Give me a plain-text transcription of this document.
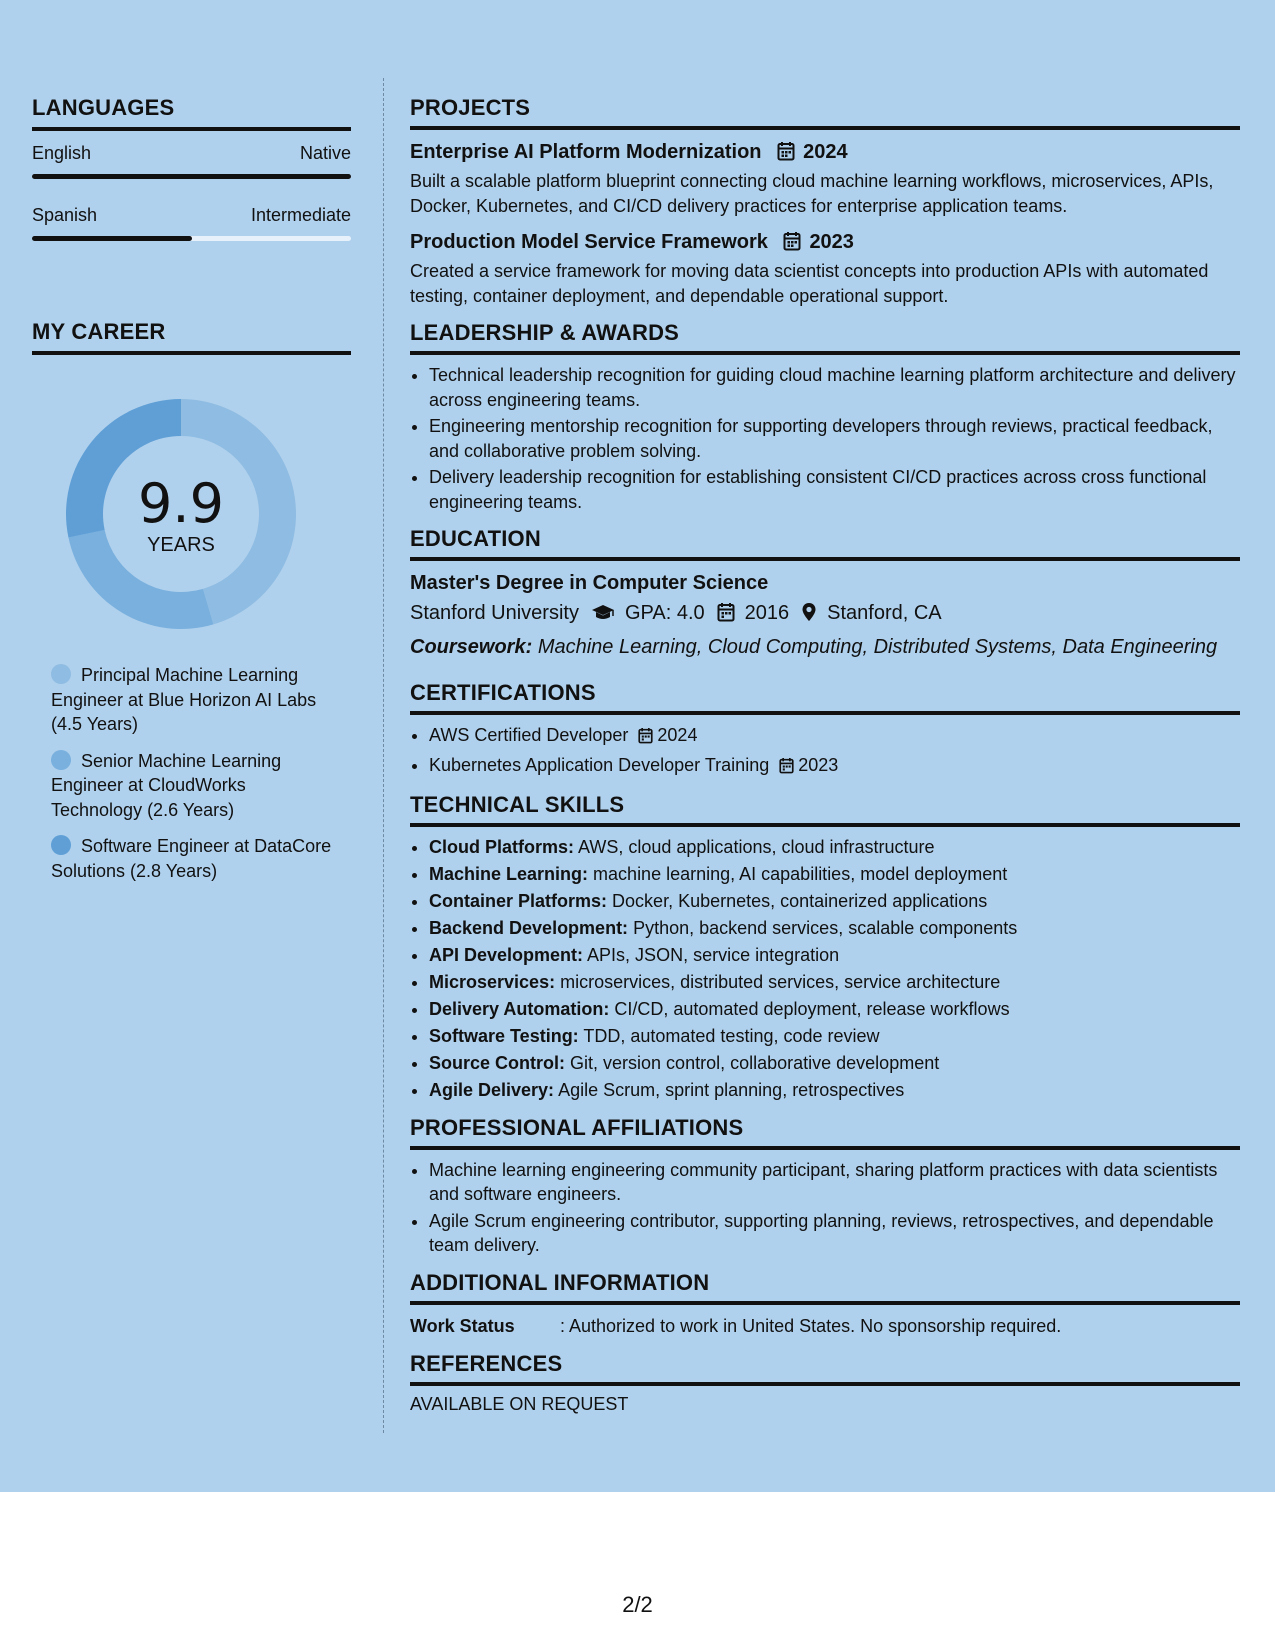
LANGUAGES
English	Native
Spanish	Intermediate
MY CAREER
9.9
YEARS
Principal Machine Learning Engineer at Blue Horizon AI Labs (4.5 Years)
Senior Machine Learning Engineer at CloudWorks Technology (2.6 Years)
Software Engineer at DataCore Solutions (2.8 Years)
PROJECTS
Enterprise AI Platform Modernization 2024

Built a scalable platform blueprint connecting cloud machine learning workflows, microservices, APIs, Docker, Kubernetes, and CI/CD delivery practices for enterprise application teams.

Production Model Service Framework 2023

Created a service framework for moving data scientist concepts into production APIs with automated testing, container deployment, and dependable operational support.

LEADERSHIP & AWARDS
• Technical leadership recognition for guiding cloud machine learning platform architecture and delivery across engineering teams.
• Engineering mentorship recognition for supporting developers through reviews, practical feedback, and collaborative problem solving.
• Delivery leadership recognition for establishing consistent CI/CD practices across cross functional engineering teams.
EDUCATION
Master's Degree in Computer Science
Stanford University GPA: 4.0 2016 Stanford, CA
Coursework: Machine Learning, Cloud Computing, Distributed Systems, Data Engineering
CERTIFICATIONS
• AWS Certified Developer 2024
• Kubernetes Application Developer Training 2023
TECHNICAL SKILLS
• Cloud Platforms: AWS, cloud applications, cloud infrastructure
• Machine Learning: machine learning, AI capabilities, model deployment
• Container Platforms: Docker, Kubernetes, containerized applications
• Backend Development: Python, backend services, scalable components
• API Development: APIs, JSON, service integration
• Microservices: microservices, distributed services, service architecture
• Delivery Automation: CI/CD, automated deployment, release workflows
• Software Testing: TDD, automated testing, code review
• Source Control: Git, version control, collaborative development
• Agile Delivery: Agile Scrum, sprint planning, retrospectives
PROFESSIONAL AFFILIATIONS
• Machine learning engineering community participant, sharing platform practices with data scientists and software engineers.
• Agile Scrum engineering contributor, supporting planning, reviews, retrospectives, and dependable team delivery.
ADDITIONAL INFORMATION
Work Status	: Authorized to work in United States. No sponsorship required.
REFERENCES
AVAILABLE ON REQUEST
2/2
